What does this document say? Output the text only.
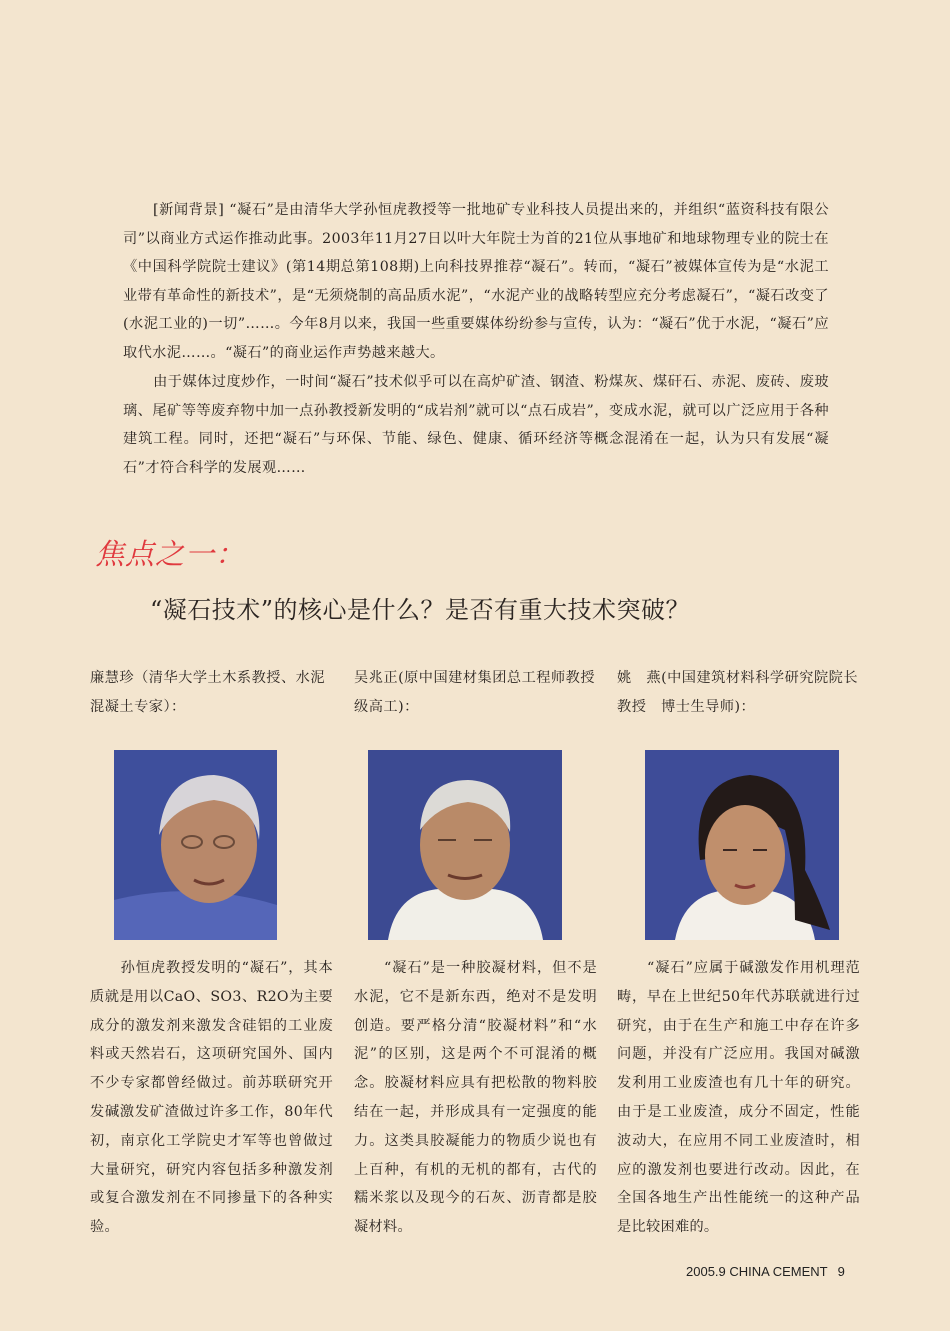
[新闻背景] “凝石”是由清华大学孙恒虎教授等一批地矿专业科技人员提出来的，并组织“蓝资科技有限公司”以商业方式运作推动此事。2003年11月27日以叶大年院士为首的21位从事地矿和地球物理专业的院士在《中国科学院院士建议》(第14期总第108期)上向科技界推荐“凝石”。转而，“凝石”被媒体宣传为是“水泥工业带有革命性的新技术”，是“无须烧制的高品质水泥”，“水泥产业的战略转型应充分考虑凝石”，“凝石改变了(水泥工业的)一切”……。今年8月以来，我国一些重要媒体纷纷参与宣传，认为：“凝石”优于水泥，“凝石”应取代水泥……。“凝石”的商业运作声势越来越大。

由于媒体过度炒作，一时间“凝石”技术似乎可以在高炉矿渣、钢渣、粉煤灰、煤矸石、赤泥、废砖、废玻璃、尾矿等等废弃物中加一点孙教授新发明的“成岩剂”就可以“点石成岩”，变成水泥，就可以广泛应用于各种建筑工程。同时，还把“凝石”与环保、节能、绿色、健康、循环经济等概念混淆在一起，认为只有发展“凝石”才符合科学的发展观……

焦点之一：
“凝石技术”的核心是什么？是否有重大技术突破？

廉慧珍（清华大学土木系教授、水泥混凝土专家）：

吴兆正(原中国建材集团总工程师教授级高工)：

姚　燕(中国建筑材料科学研究院院长　教授　博士生导师)：

孙恒虎教授发明的“凝石”，其本质就是用以CaO、SO3、R2O为主要成分的激发剂来激发含硅铝的工业废料或天然岩石，这项研究国外、国内不少专家都曾经做过。前苏联研究开发碱激发矿渣做过许多工作，80年代初，南京化工学院史才军等也曾做过大量研究，研究内容包括多种激发剂或复合激发剂在不同掺量下的各种实验。

“凝石”是一种胶凝材料，但不是水泥，它不是新东西，绝对不是发明创造。要严格分清“胶凝材料”和“水泥”的区别，这是两个不可混淆的概念。胶凝材料应具有把松散的物料胶结在一起，并形成具有一定强度的能力。这类具胶凝能力的物质少说也有上百种，有机的无机的都有，古代的糯米浆以及现今的石灰、沥青都是胶凝材料。

“凝石”应属于碱激发作用机理范畴，早在上世纪50年代苏联就进行过研究，由于在生产和施工中存在许多问题，并没有广泛应用。我国对碱激发利用工业废渣也有几十年的研究。由于是工业废渣，成分不固定，性能波动大，在应用不同工业废渣时，相应的激发剂也要进行改动。因此，在全国各地生产出性能统一的这种产品是比较困难的。

2005.9 CHINA CEMENT 9
